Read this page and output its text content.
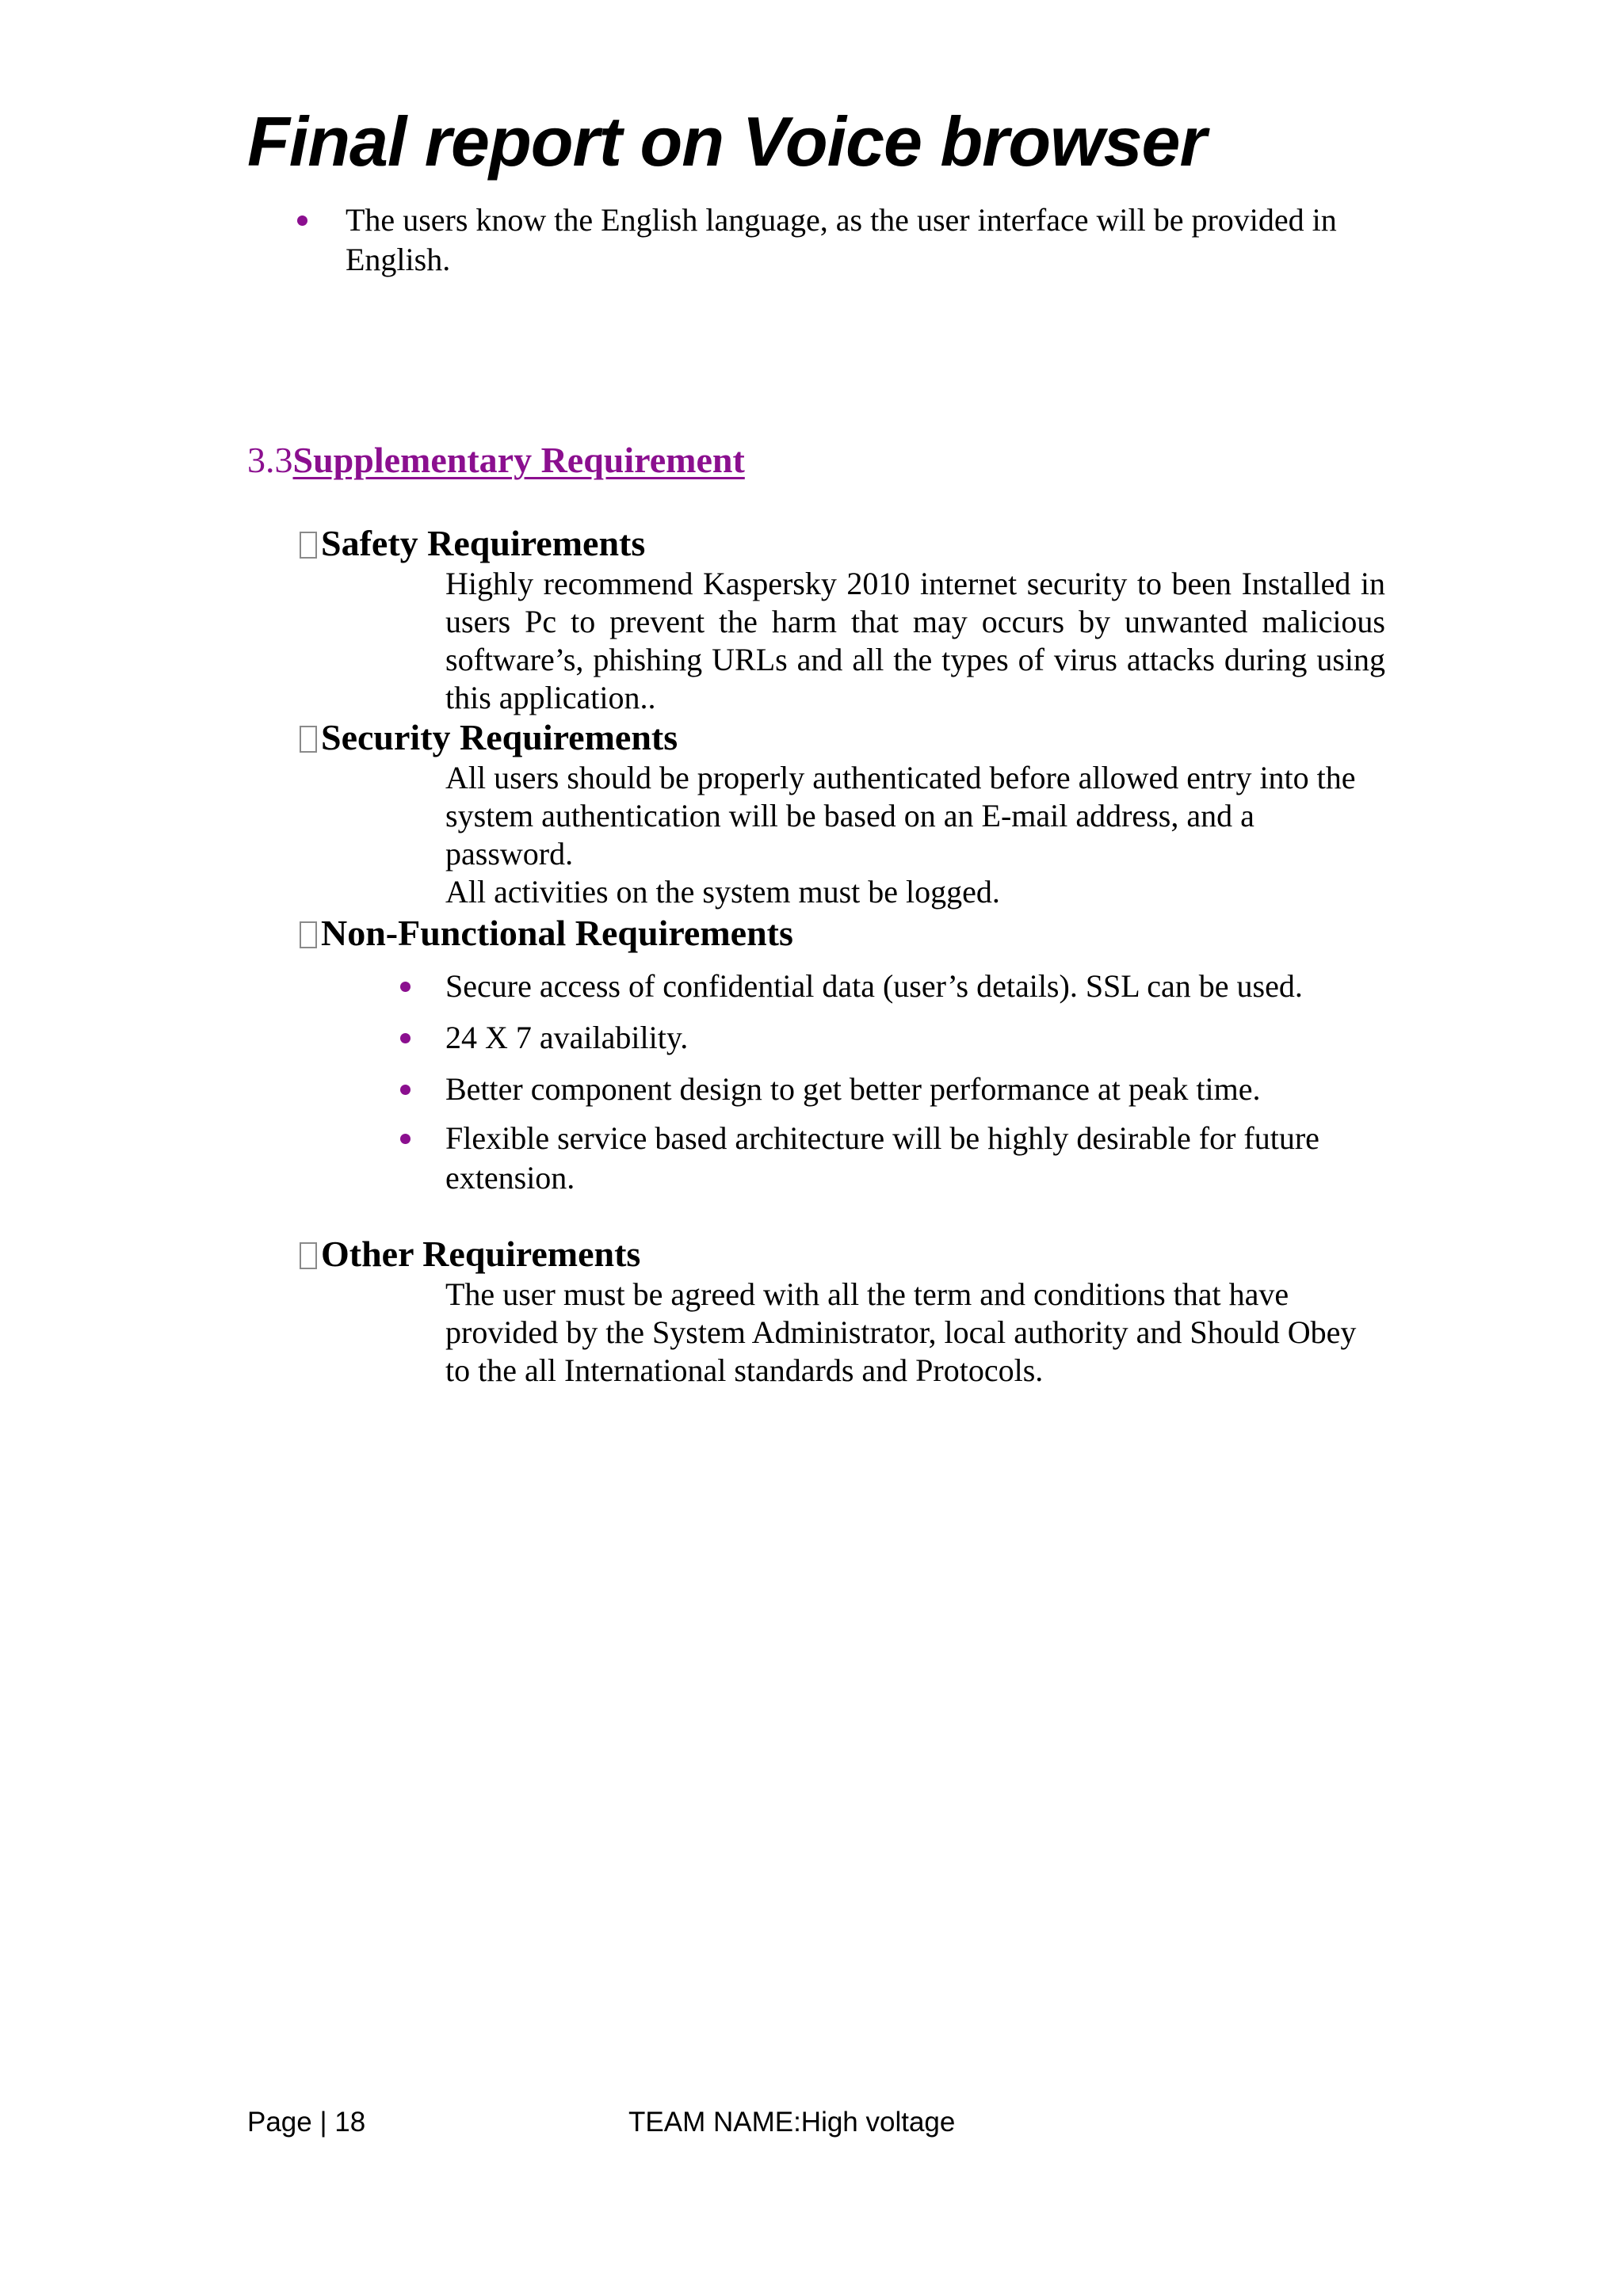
Final report on Voice browser
The users know the English language, as the user interface will be provided in English.
3.3Supplementary Requirement
Safety Requirements

Highly recommend Kaspersky 2010 internet security to been Installed in users Pc to prevent the harm that may occurs by unwanted malicious software’s, phishing URLs and all the types of virus attacks during using this application..

Security Requirements

All users should be properly authenticated before allowed entry into the system authentication will be based on an E-mail address, and a password.

All activities on the system must be logged.

Non-Functional Requirements
Secure access of confidential data (user’s details). SSL can be used.
24 X 7 availability.
Better component design to get better performance at peak time.
Flexible service based architecture will be highly desirable for future extension.
Other Requirements

The user must be agreed with all the term and conditions that have provided by the System Administrator, local authority and Should Obey to the all International standards and Protocols.

Page | 18	TEAM NAME:High voltage
